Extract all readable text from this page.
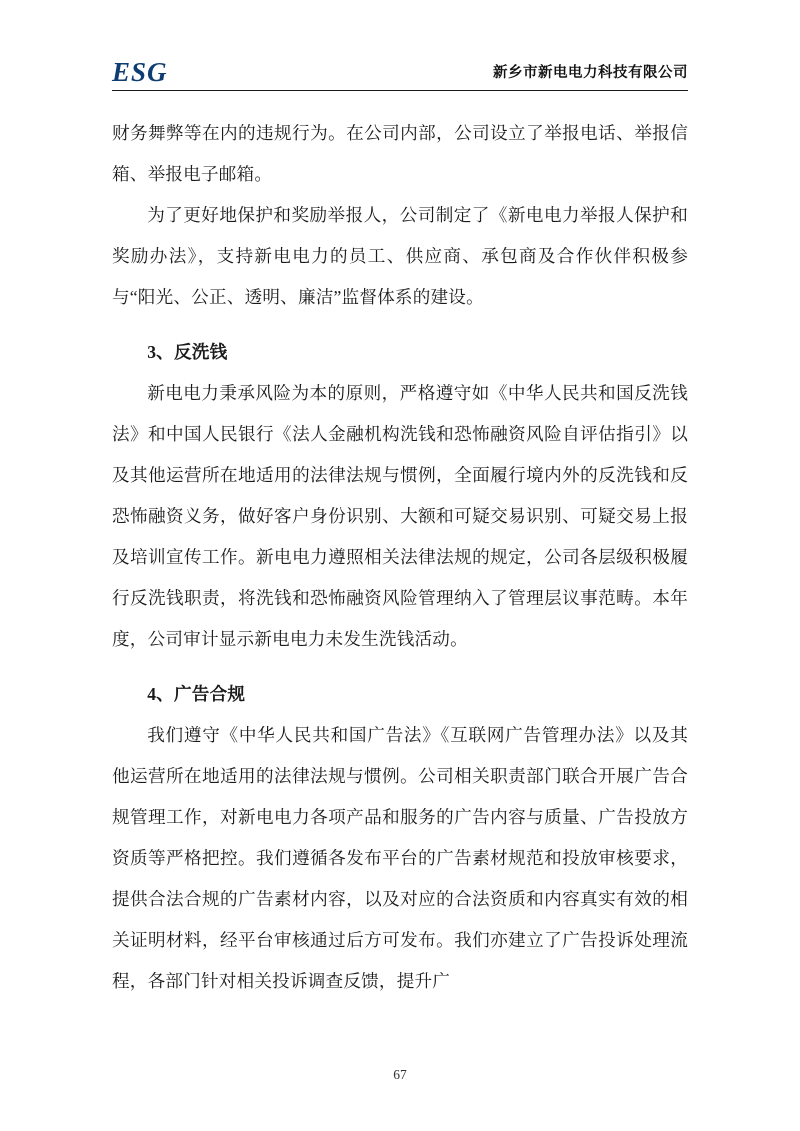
ESG	新乡市新电电力科技有限公司

财务舞弊等在内的违规行为。在公司内部，公司设立了举报电话、举报信箱、举报电子邮箱。

为了更好地保护和奖励举报人，公司制定了《新电电力举报人保护和奖励办法》，支持新电电力的员工、供应商、承包商及合作伙伴积极参与“阳光、公正、透明、廉洁”监督体系的建设。

3、反洗钱

新电电力秉承风险为本的原则，严格遵守如《中华人民共和国反洗钱法》和中国人民银行《法人金融机构洗钱和恐怖融资风险自评估指引》以及其他运营所在地适用的法律法规与惯例，全面履行境内外的反洗钱和反恐怖融资义务，做好客户身份识别、大额和可疑交易识别、可疑交易上报及培训宣传工作。新电电力遵照相关法律法规的规定，公司各层级积极履行反洗钱职责，将洗钱和恐怖融资风险管理纳入了管理层议事范畴。本年度，公司审计显示新电电力未发生洗钱活动。

4、广告合规

我们遵守《中华人民共和国广告法》《互联网广告管理办法》以及其他运营所在地适用的法律法规与惯例。公司相关职责部门联合开展广告合规管理工作，对新电电力各项产品和服务的广告内容与质量、广告投放方资质等严格把控。我们遵循各发布平台的广告素材规范和投放审核要求，提供合法合规的广告素材内容，以及对应的合法资质和内容真实有效的相关证明材料，经平台审核通过后方可发布。我们亦建立了广告投诉处理流程，各部门针对相关投诉调查反馈，提升广

67
